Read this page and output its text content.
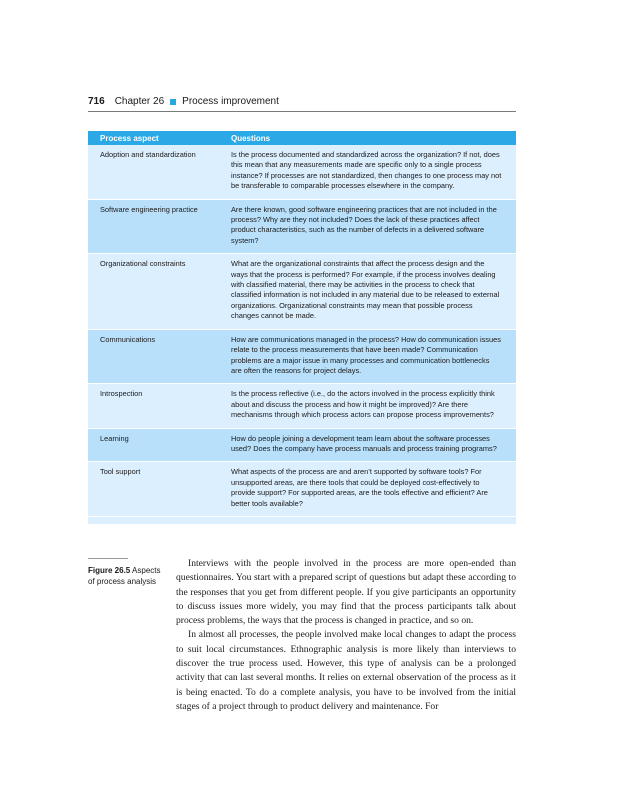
716 Chapter 26 Process improvement
Process aspect	Questions
Adoption and standardization	Is the process documented and standardized across the organization? If not, does this mean that any measurements made are specific only to a single process instance? If processes are not standardized, then changes to one process may not be transferable to comparable processes elsewhere in the company.
Software engineering practice	Are there known, good software engineering practices that are not included in the process? Why are they not included? Does the lack of these practices affect product characteristics, such as the number of defects in a delivered software system?
Organizational constraints	What are the organizational constraints that affect the process design and the ways that the process is performed? For example, if the process involves dealing with classified material, there may be activities in the process to check that classified information is not included in any material due to be released to external organizations. Organizational constraints may mean that possible process changes cannot be made.
Communications	How are communications managed in the process? How do communication issues relate to the process measurements that have been made? Communication problems are a major issue in many processes and communication bottlenecks are often the reasons for project delays.
Introspection	Is the process reflective (i.e., do the actors involved in the process explicitly think about and discuss the process and how it might be improved)? Are there mechanisms through which process actors can propose process improvements?
Learning	How do people joining a development team learn about the software processes used? Does the company have process manuals and process training programs?
Tool support	What aspects of the process are and aren’t supported by software tools? For unsupported areas, are there tools that could be deployed cost-effectively to provide support? For supported areas, are the tools effective and efficient? Are better tools available?
Figure 26.5 Aspects of process analysis

Interviews with the people involved in the process are more open-ended than questionnaires. You start with a prepared script of questions but adapt these according to the responses that you get from different people. If you give participants an opportunity to discuss issues more widely, you may find that the process participants talk about process problems, the ways that the process is changed in practice, and so on.

In almost all processes, the people involved make local changes to adapt the process to suit local circumstances. Ethnographic analysis is more likely than interviews to discover the true process used. However, this type of analysis can be a prolonged activity that can last several months. It relies on external observation of the process as it is being enacted. To do a complete analysis, you have to be involved from the initial stages of a project through to product delivery and maintenance. For
